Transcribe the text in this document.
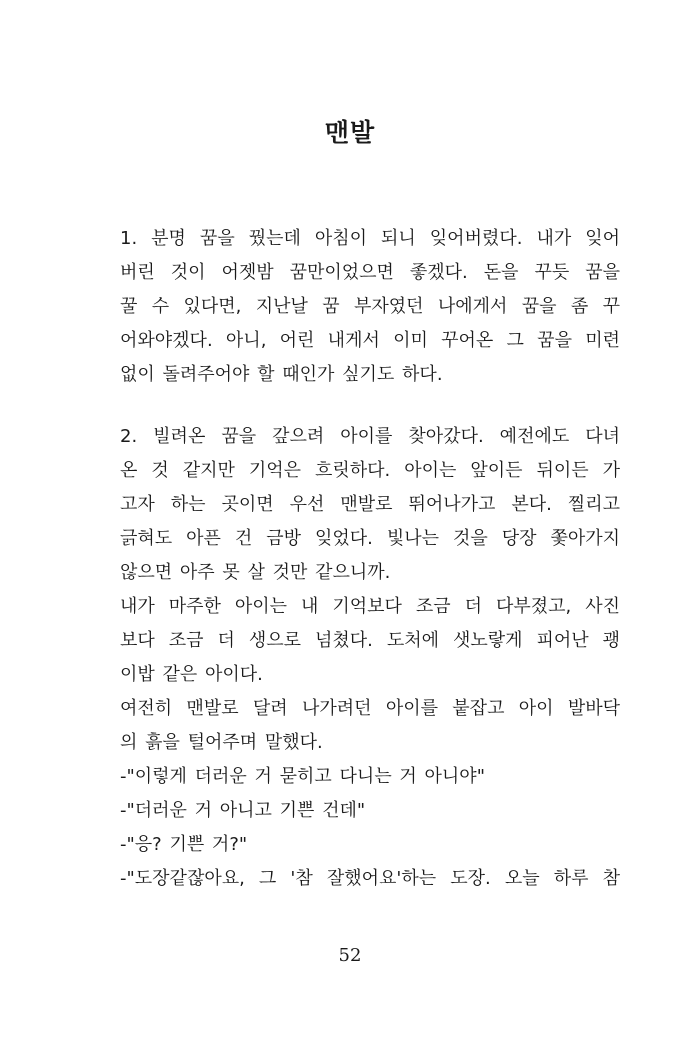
맨발
1. 분명 꿈을 꿨는데 아침이 되니 잊어버렸다. 내가 잊어
버린 것이 어젯밤 꿈만이었으면 좋겠다. 돈을 꾸듯 꿈을
꿀 수 있다면, 지난날 꿈 부자였던 나에게서 꿈을 좀 꾸
어와야겠다. 아니, 어린 내게서 이미 꾸어온 그 꿈을 미련
없이 돌려주어야 할 때인가 싶기도 하다.
2. 빌려온 꿈을 갚으려 아이를 찾아갔다. 예전에도 다녀
온 것 같지만 기억은 흐릿하다. 아이는 앞이든 뒤이든 가
고자 하는 곳이면 우선 맨발로 뛰어나가고 본다. 찔리고
긁혀도 아픈 건 금방 잊었다. 빛나는 것을 당장 쫓아가지
않으면 아주 못 살 것만 같으니까.
내가 마주한 아이는 내 기억보다 조금 더 다부졌고, 사진
보다 조금 더 생으로 넘쳤다. 도처에 샛노랗게 피어난 괭
이밥 같은 아이다.
여전히 맨발로 달려 나가려던 아이를 붙잡고 아이 발바닥
의 흙을 털어주며 말했다.
-"이렇게 더러운 거 묻히고 다니는 거 아니야"
-"더러운 거 아니고 기쁜 건데"
-"응? 기쁜 거?"
-"도장같잖아요, 그 '참 잘했어요'하는 도장. 오늘 하루 참
52
